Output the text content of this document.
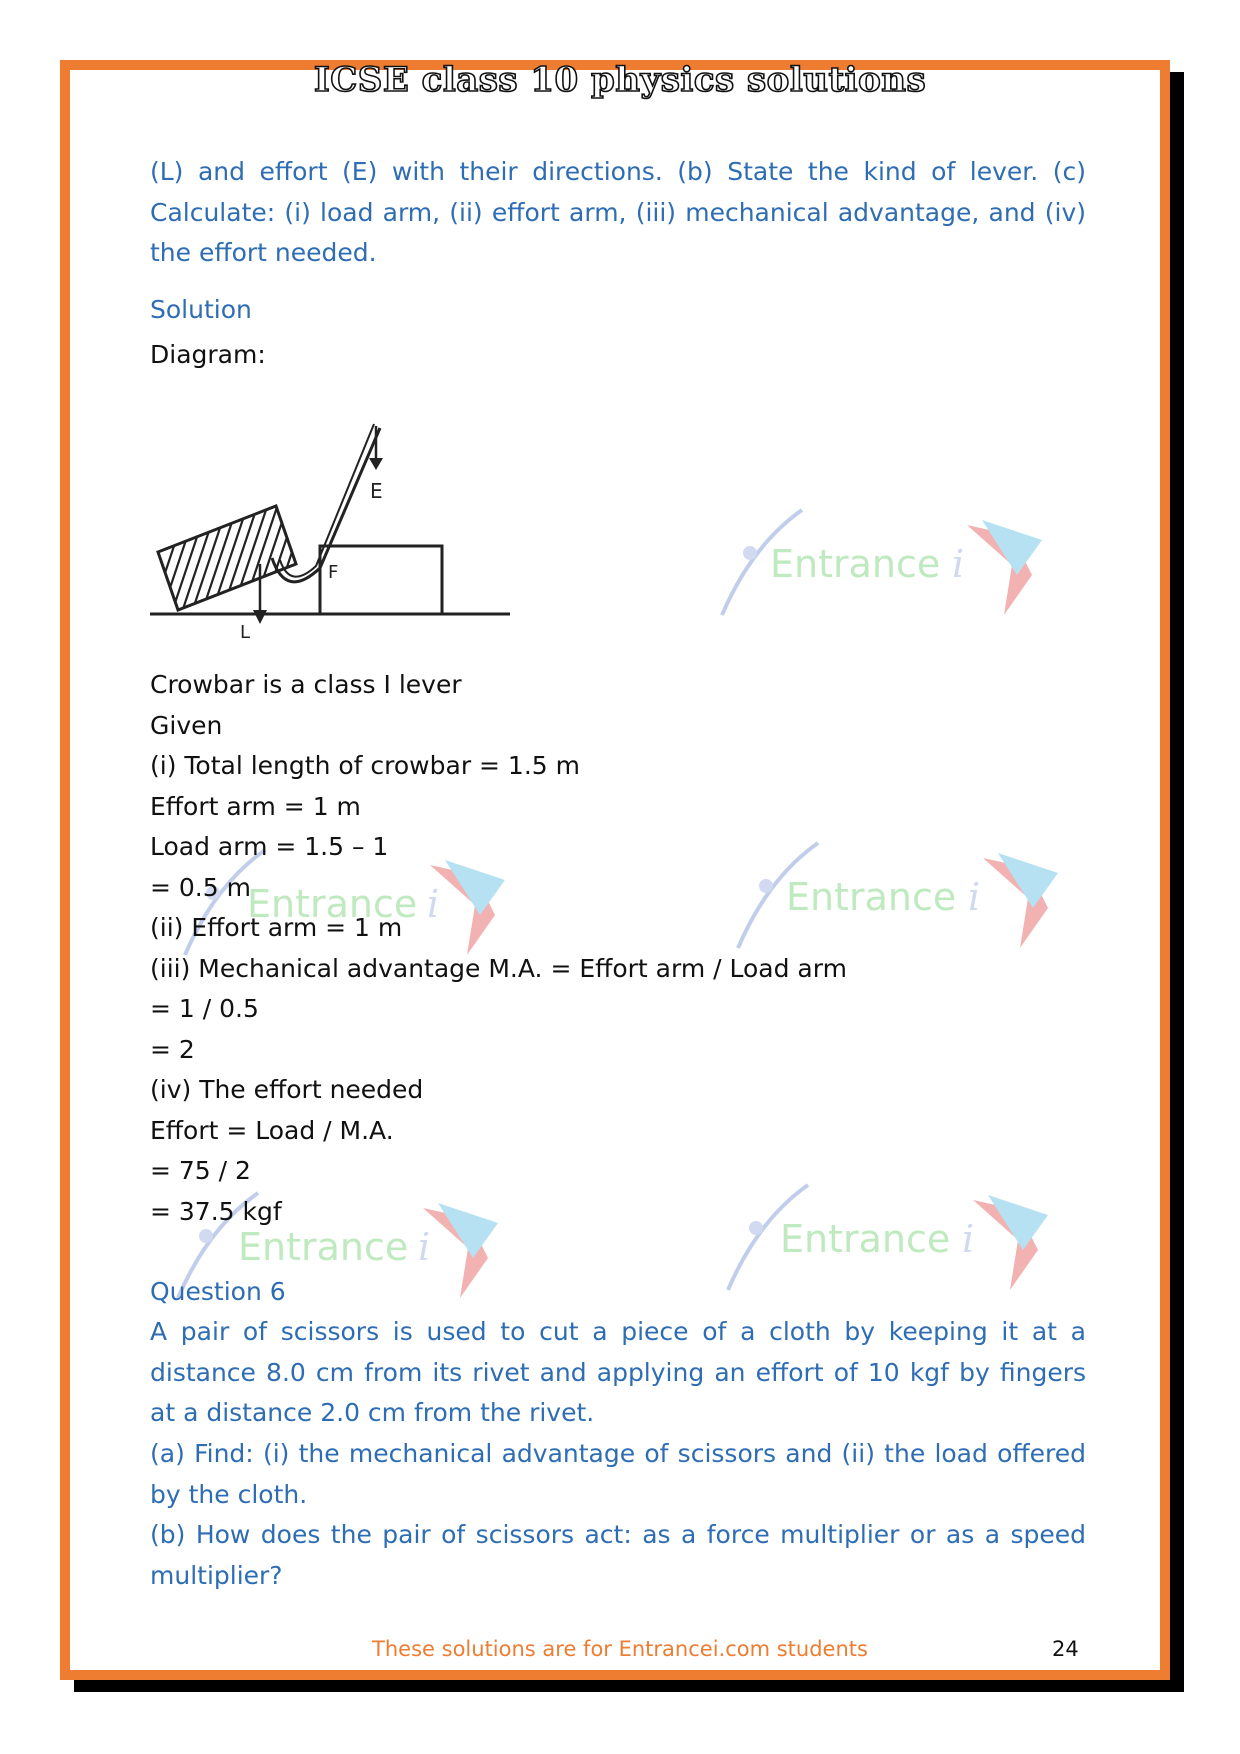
ICSE class 10 physics solutions
(L) and effort (E) with their directions. (b) State the kind of lever. (c) Calculate: (i) load arm, (ii) effort arm, (iii) mechanical advantage, and (iv) the effort needed.
Solution
Diagram:
E
F
L
Entrance i
Entrance i	Entrance i
Entrance i	Entrance i
Crowbar is a class I lever
Given
(i) Total length of crowbar = 1.5 m
Effort arm = 1 m
Load arm = 1.5 – 1
= 0.5 m
(ii) Effort arm = 1 m
(iii) Mechanical advantage M.A. = Effort arm / Load arm
= 1 / 0.5
= 2
(iv) The effort needed
Effort = Load / M.A.
= 75 / 2
= 37.5 kgf
Question 6
A pair of scissors is used to cut a piece of a cloth by keeping it at a distance 8.0 cm from its rivet and applying an effort of 10 kgf by fingers at a distance 2.0 cm from the rivet.
(a) Find: (i) the mechanical advantage of scissors and (ii) the load offered by the cloth.
(b) How does the pair of scissors act: as a force multiplier or as a speed multiplier?
These solutions are for Entrancei.com students	24
